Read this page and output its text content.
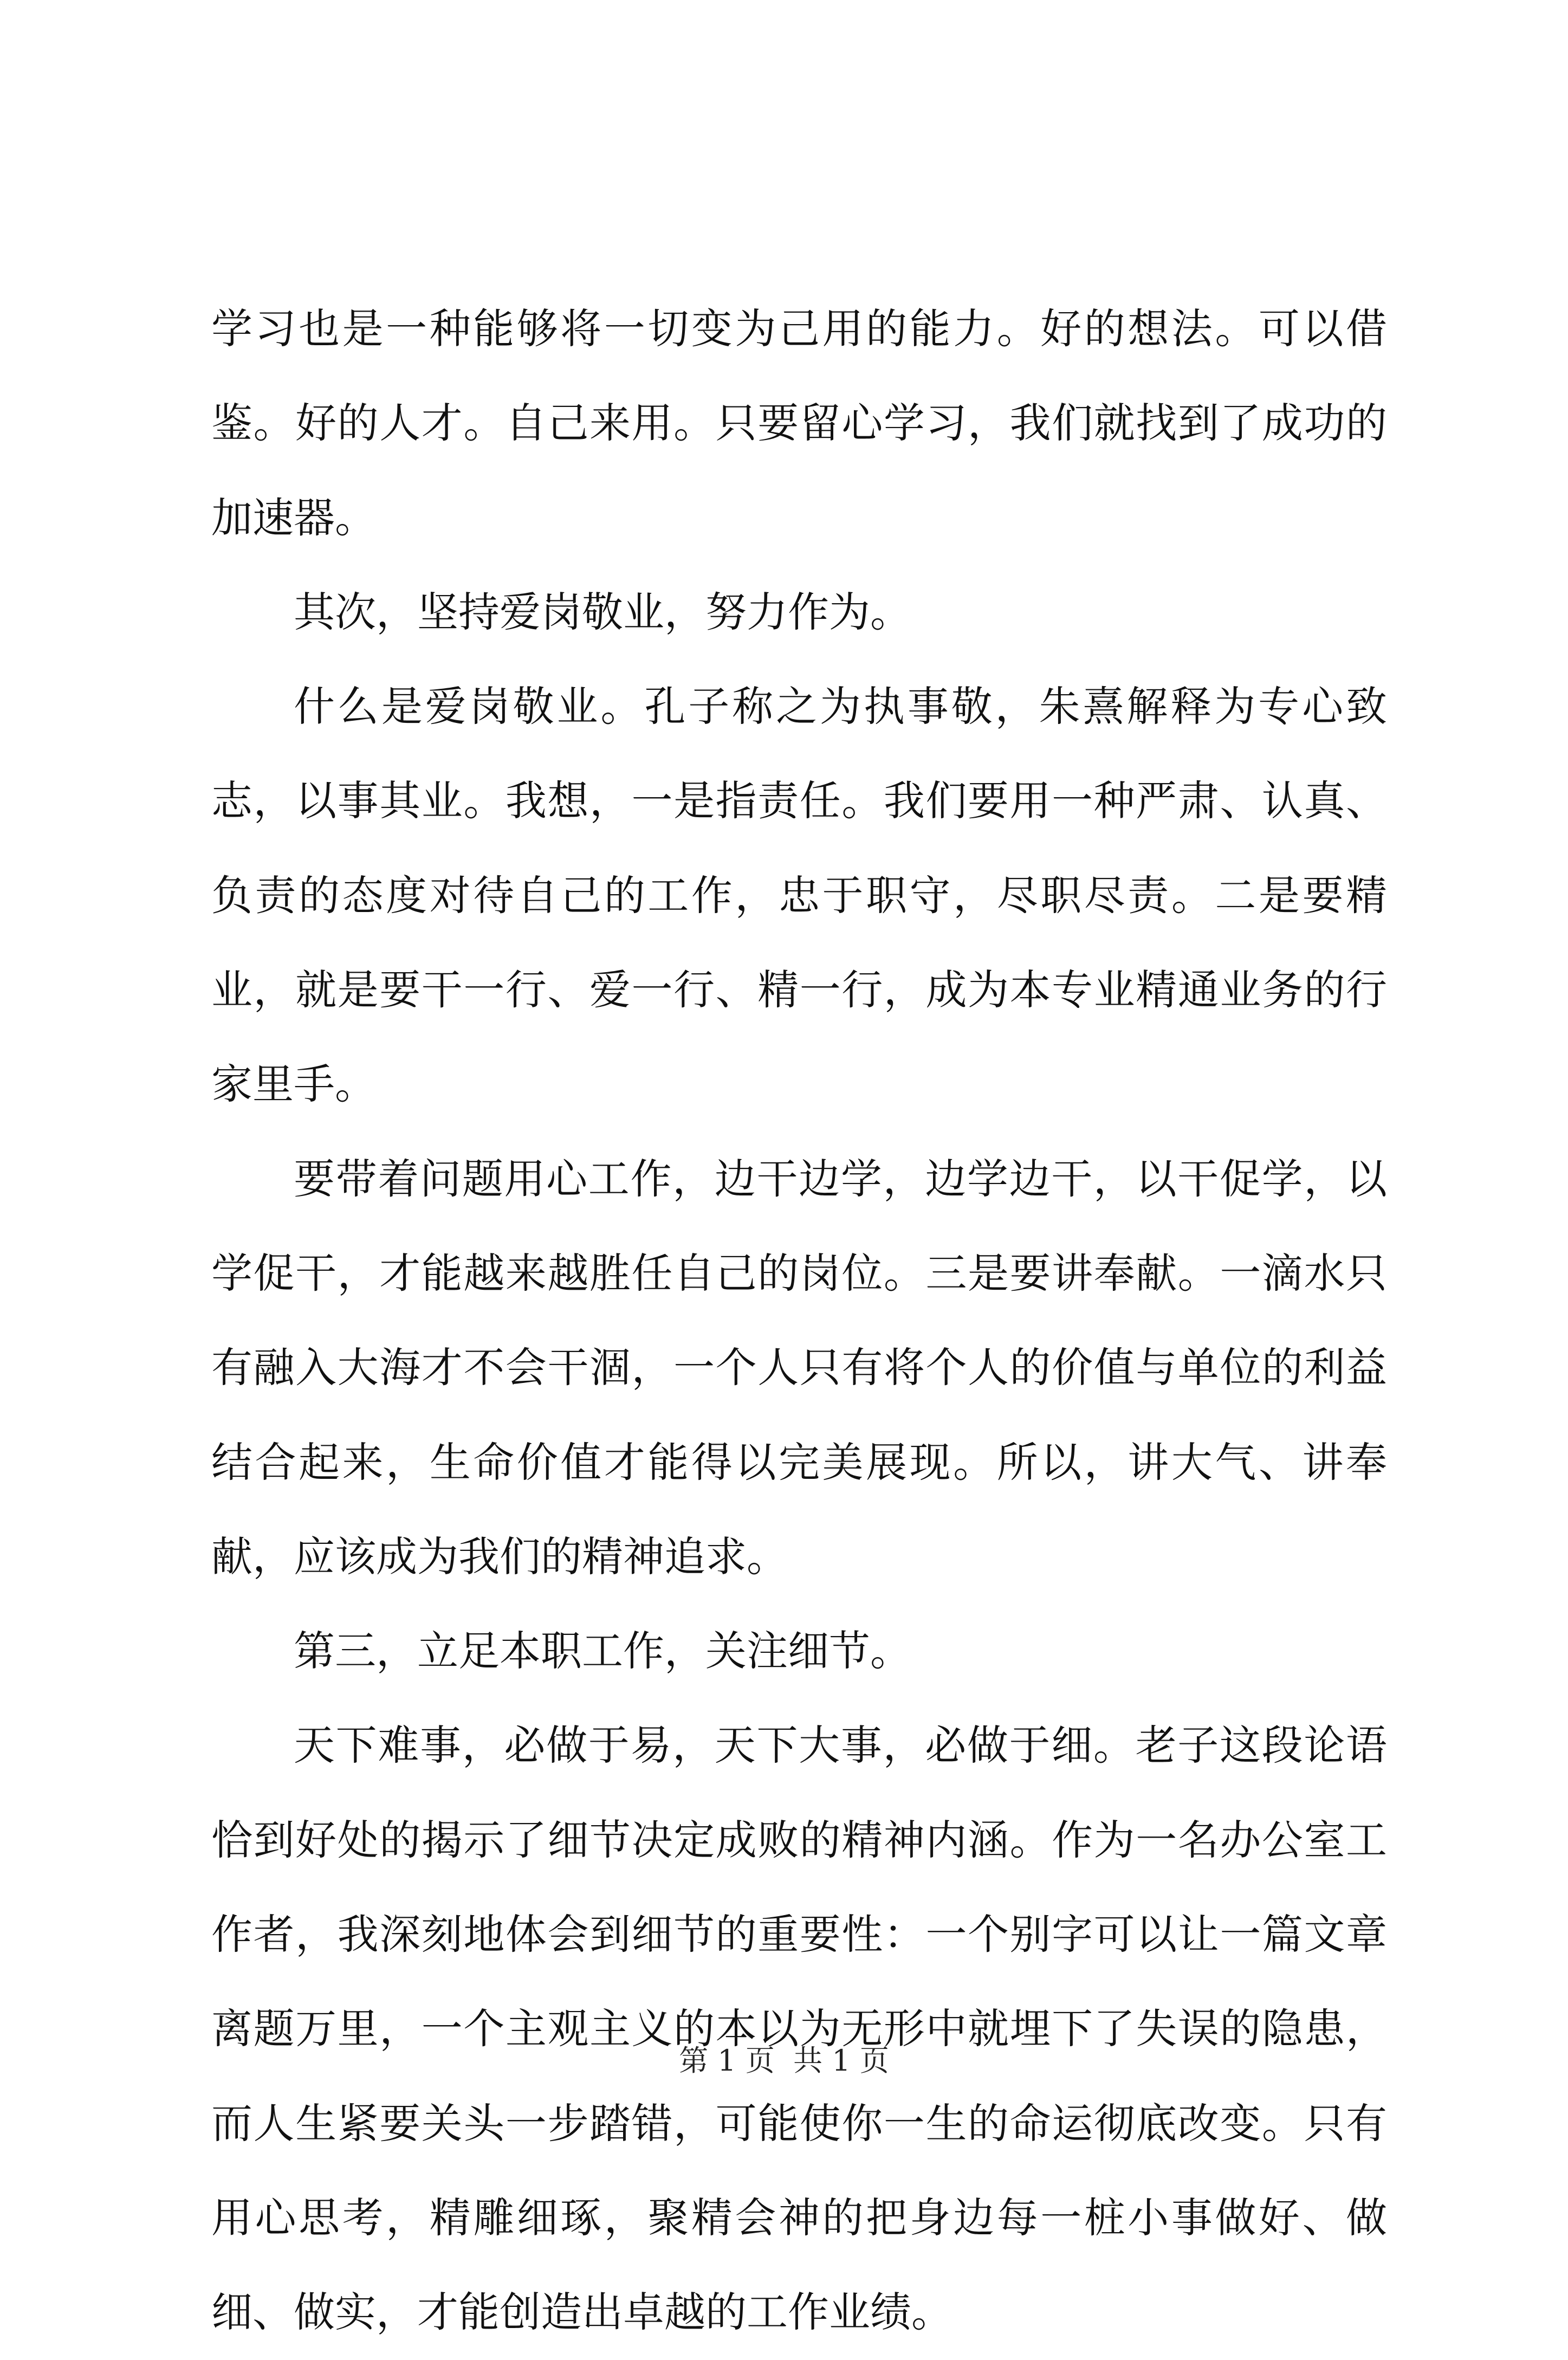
学习也是一种能够将一切变为己用的能力。好的想法。可以借鉴。好的人才。自己来用。只要留心学习，我们就找到了成功的加速器。

其次，坚持爱岗敬业，努力作为。

什么是爱岗敬业。孔子称之为执事敬，朱熹解释为专心致志，以事其业。我想，一是指责任。我们要用一种严肃、认真、负责的态度对待自己的工作，忠于职守，尽职尽责。二是要精业，就是要干一行、爱一行、精一行，成为本专业精通业务的行家里手。

要带着问题用心工作，边干边学，边学边干，以干促学，以学促干，才能越来越胜任自己的岗位。三是要讲奉献。一滴水只有融入大海才不会干涸，一个人只有将个人的价值与单位的利益结合起来，生命价值才能得以完美展现。所以，讲大气、讲奉献，应该成为我们的精神追求。

第三，立足本职工作，关注细节。

天下难事，必做于易，天下大事，必做于细。老子这段论语恰到好处的揭示了细节决定成败的精神内涵。作为一名办公室工作者，我深刻地体会到细节的重要性：一个别字可以让一篇文章离题万里，一个主观主义的本以为无形中就埋下了失误的隐患，而人生紧要关头一步踏错，可能使你一生的命运彻底改变。只有用心思考，精雕细琢，聚精会神的把身边每一桩小事做好、做细、做实，才能创造出卓越的工作业绩。

第 1 页  共 1 页
